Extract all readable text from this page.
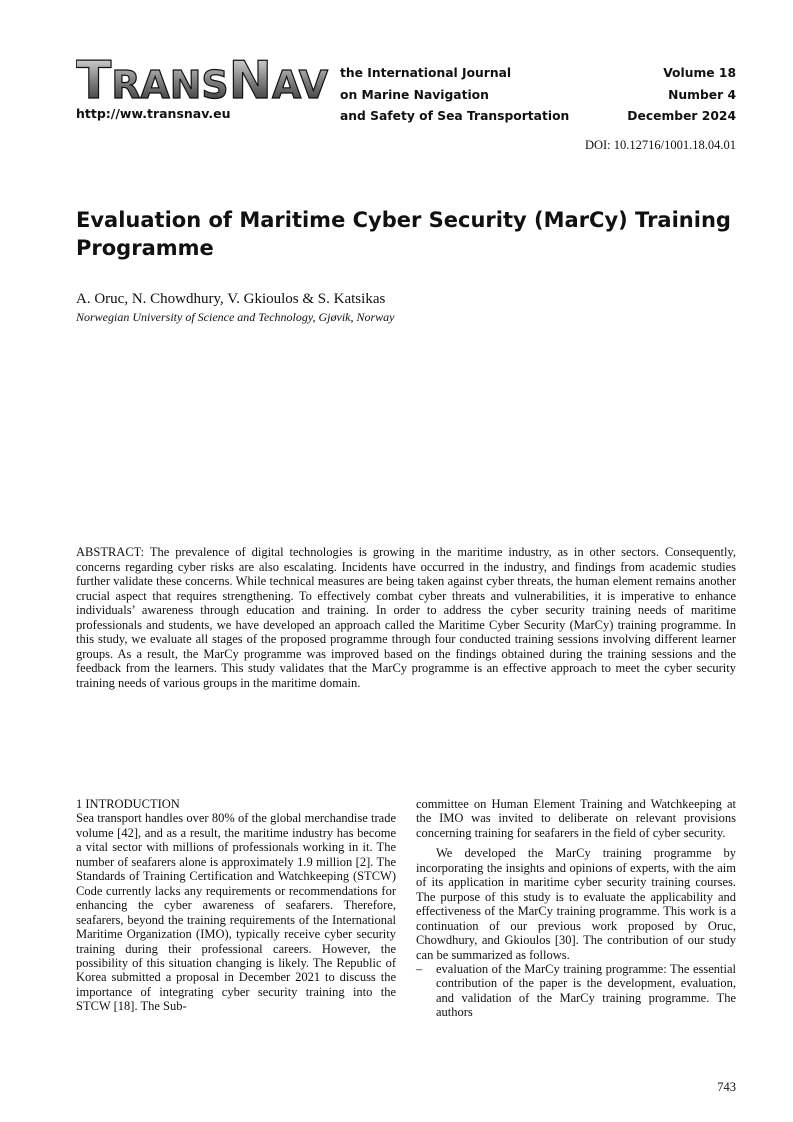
TRANSNAV
http://ww.transnav.eu
the International Journal
on Marine Navigation
and Safety of Sea Transportation
Volume 18
Number 4
December 2024
DOI: 10.12716/1001.18.04.01
Evaluation of Maritime Cyber Security (MarCy) Training Programme
A. Oruc, N. Chowdhury, V. Gkioulos & S. Katsikas
Norwegian University of Science and Technology, Gjøvik, Norway

ABSTRACT: The prevalence of digital technologies is growing in the maritime industry, as in other sectors. Consequently, concerns regarding cyber risks are also escalating. Incidents have occurred in the industry, and findings from academic studies further validate these concerns. While technical measures are being taken against cyber threats, the human element remains another crucial aspect that requires strengthening. To effectively combat cyber threats and vulnerabilities, it is imperative to enhance individuals’ awareness through education and training. In order to address the cyber security training needs of maritime professionals and students, we have developed an approach called the Maritime Cyber Security (MarCy) training programme. In this study, we evaluate all stages of the proposed programme through four conducted training sessions involving different learner groups. As a result, the MarCy programme was improved based on the findings obtained during the training sessions and the feedback from the learners. This study validates that the MarCy programme is an effective approach to meet the cyber security training needs of various groups in the maritime domain.

1 INTRODUCTION

Sea transport handles over 80% of the global merchandise trade volume [42], and as a result, the maritime industry has become a vital sector with millions of professionals working in it. The number of seafarers alone is approximately 1.9 million [2]. The Standards of Training Certification and Watchkeeping (STCW) Code currently lacks any requirements or recommendations for enhancing the cyber awareness of seafarers. Therefore, seafarers, beyond the training requirements of the International Maritime Organization (IMO), typically receive cyber security training during their professional careers. However, the possibility of this situation changing is likely. The Republic of Korea submitted a proposal in December 2021 to discuss the importance of integrating cyber security training into the STCW [18]. The Sub-

committee on Human Element Training and Watchkeeping at the IMO was invited to deliberate on relevant provisions concerning training for seafarers in the field of cyber security.

We developed the MarCy training programme by incorporating the insights and opinions of experts, with the aim of its application in maritime cyber security training courses. The purpose of this study is to evaluate the applicability and effectiveness of the MarCy training programme. This work is a continuation of our previous work proposed by Oruc, Chowdhury, and Gkioulos [30]. The contribution of our study can be summarized as follows.

– evaluation of the MarCy training programme: The essential contribution of the paper is the development, evaluation, and validation of the MarCy training programme. The authors

743
